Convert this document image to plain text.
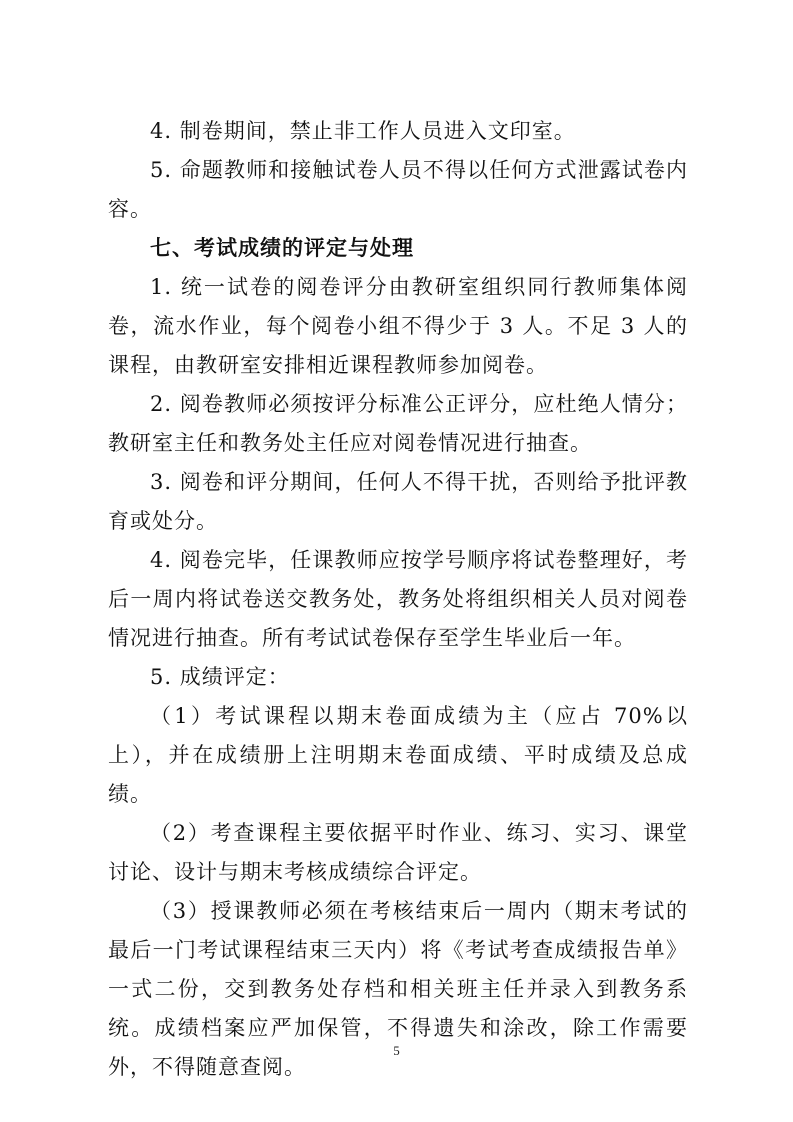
4. 制卷期间，禁止非工作人员进入文印室。

5. 命题教师和接触试卷人员不得以任何方式泄露试卷内容。

七、考试成绩的评定与处理

1. 统一试卷的阅卷评分由教研室组织同行教师集体阅卷，流水作业，每个阅卷小组不得少于 3 人。不足 3 人的课程，由教研室安排相近课程教师参加阅卷。

2. 阅卷教师必须按评分标准公正评分，应杜绝人情分；教研室主任和教务处主任应对阅卷情况进行抽查。

3. 阅卷和评分期间，任何人不得干扰，否则给予批评教育或处分。

4. 阅卷完毕，任课教师应按学号顺序将试卷整理好，考后一周内将试卷送交教务处，教务处将组织相关人员对阅卷情况进行抽查。所有考试试卷保存至学生毕业后一年。

5. 成绩评定：

（1）考试课程以期末卷面成绩为主（应占 70%以上），并在成绩册上注明期末卷面成绩、平时成绩及总成绩。

（2）考查课程主要依据平时作业、练习、实习、课堂讨论、设计与期末考核成绩综合评定。

（3）授课教师必须在考核结束后一周内（期末考试的最后一门考试课程结束三天内）将《考试考查成绩报告单》一式二份，交到教务处存档和相关班主任并录入到教务系统。成绩档案应严加保管，不得遗失和涂改，除工作需要外，不得随意查阅。

5
